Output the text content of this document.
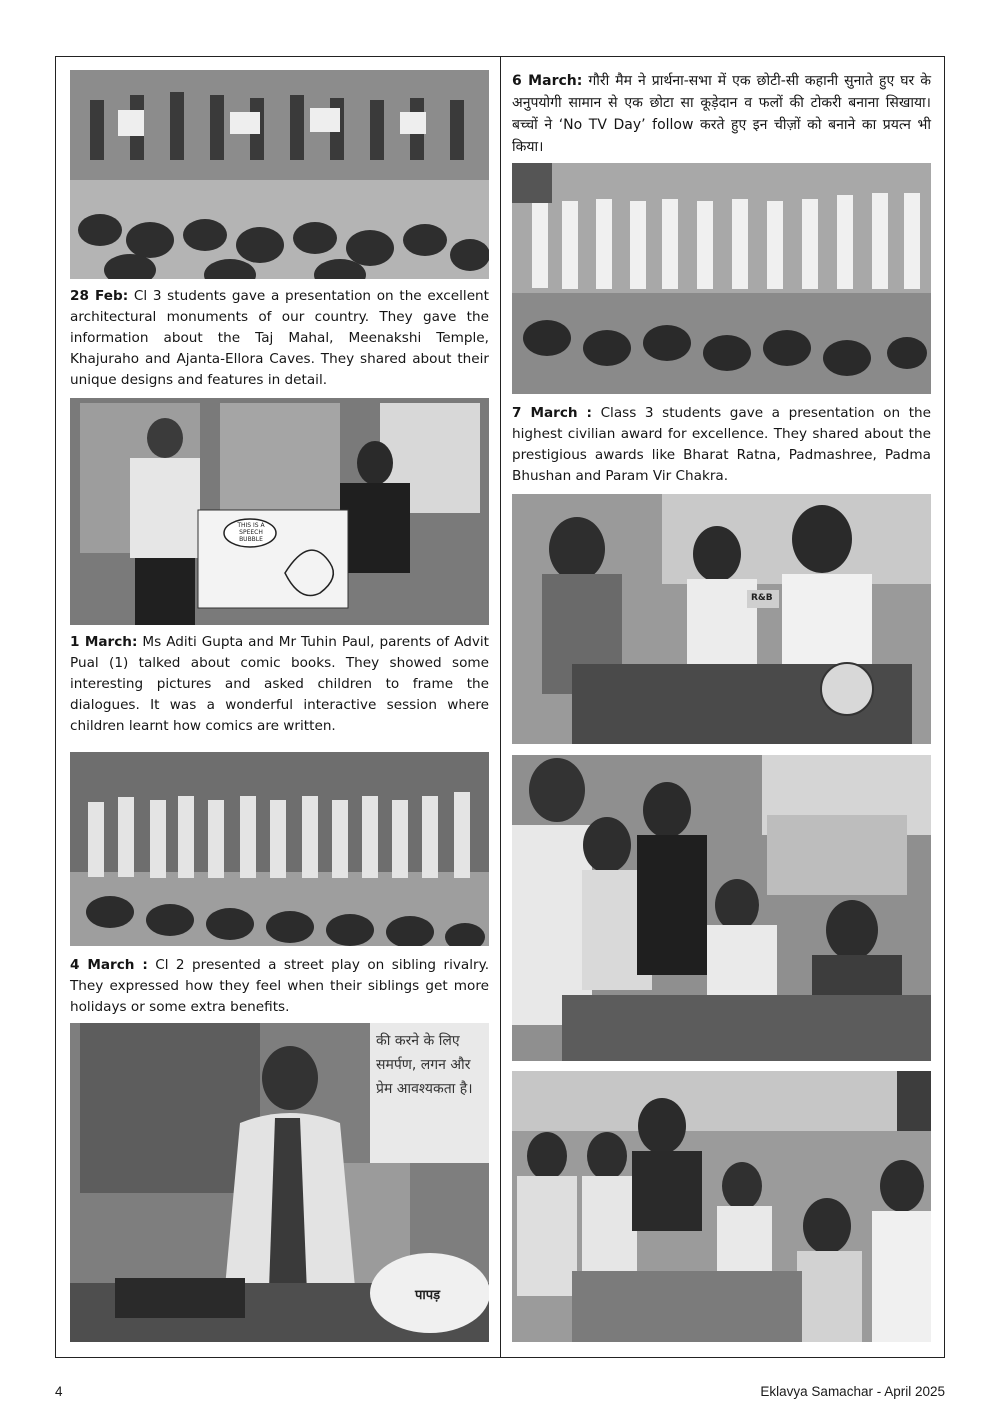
28 Feb: Cl 3 students gave a presentation on the excellent architectural monuments of our country. They gave the information about the Taj Mahal, Meenakshi Temple, Khajuraho and Ajanta-Ellora Caves. They shared about their unique designs and features in detail.
THIS IS A SPEECH BUBBLE
1 March: Ms Aditi Gupta and Mr Tuhin Paul, parents of Advit Pual (1) talked about comic books. They showed some interesting pictures and asked children to frame the dialogues. It was a wonderful interactive session where children learnt how comics are written.
4 March : Cl 2 presented a street play on sibling rivalry. They expressed how they feel when their siblings get more holidays or some extra benefits.
की करने के लिए समर्पण, लगन और प्रेम आवश्यकता है।
पापड़
6 March: गौरी मैम ने प्रार्थना-सभा में एक छोटी-सी कहानी सुनाते हुए घर के अनुपयोगी सामान से एक छोटा सा कूड़ेदान व फलों की टोकरी बनाना सिखाया। बच्चों ने ‘No TV Day’ follow करते हुए इन चीज़ों को बनाने का प्रयत्न भी किया।
7 March : Class 3 students gave a presentation on the highest civilian award for excellence. They shared about the prestigious awards like Bharat Ratna, Padmashree, Padma Bhushan and Param Vir Chakra.
R&B
4	Eklavya Samachar - April 2025
